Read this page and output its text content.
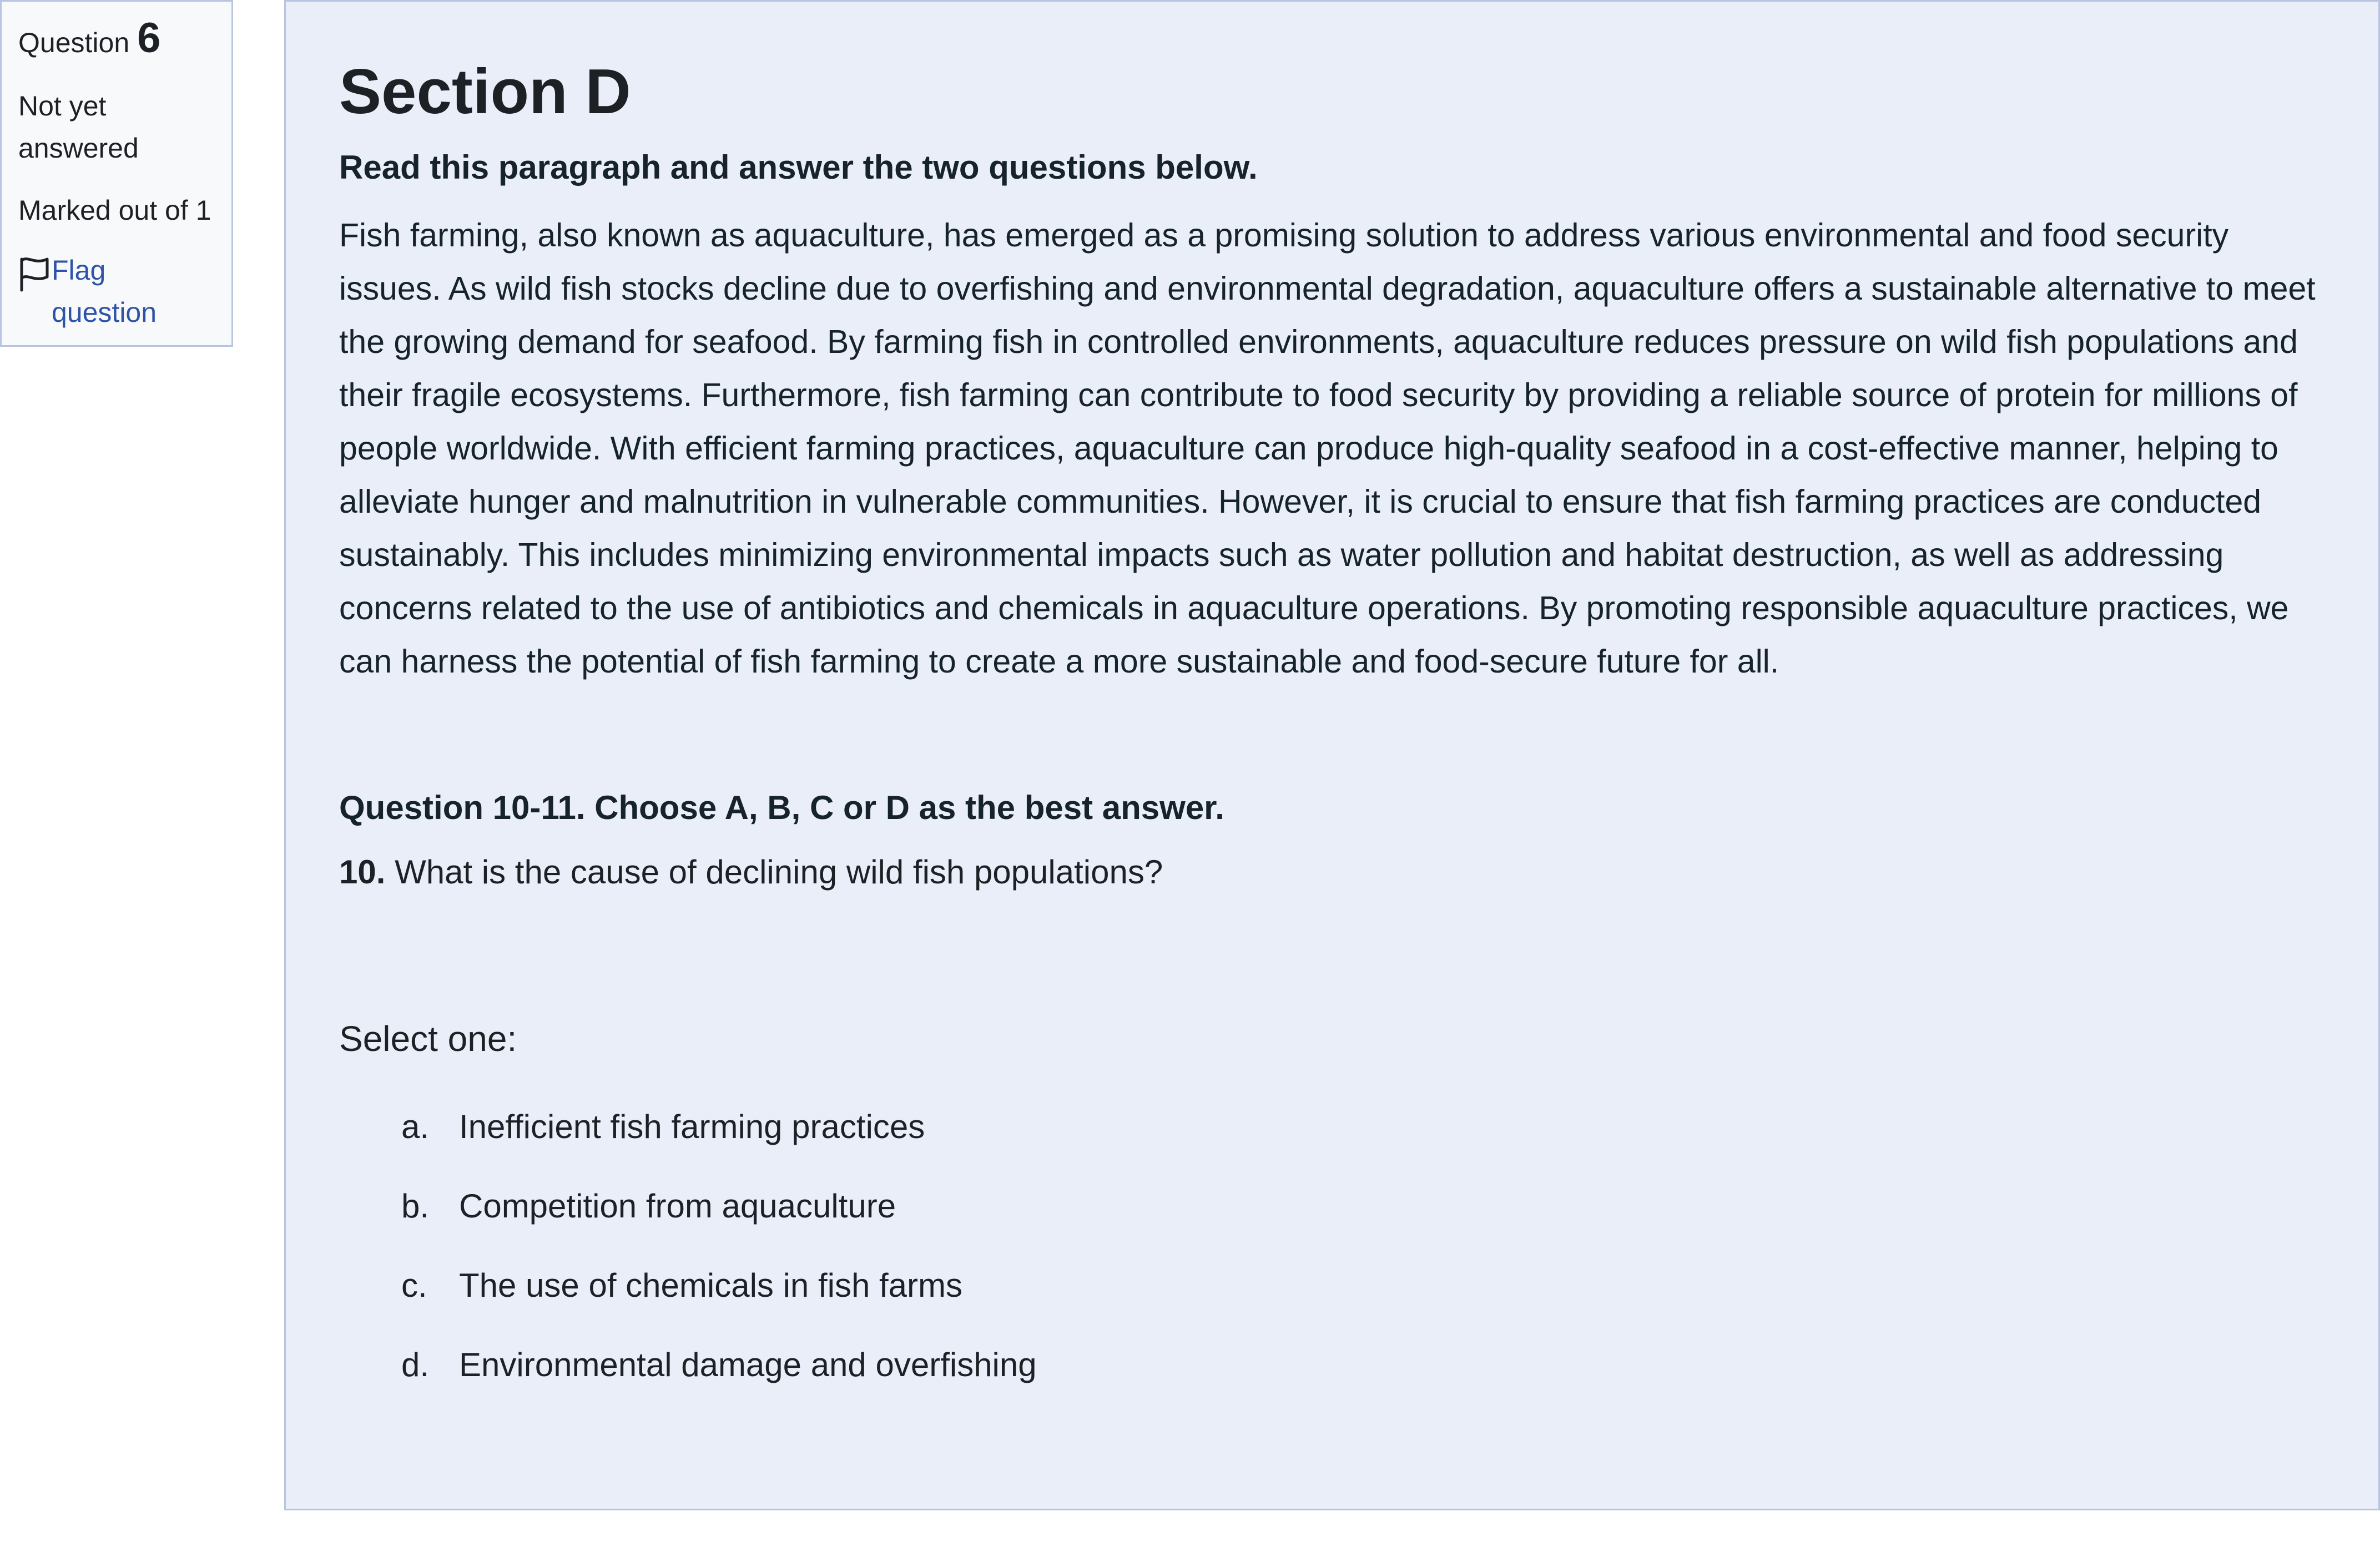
Question 6
Not yet answered
Marked out of 1
Flag question
Section D

Read this paragraph and answer the two questions below.

Fish farming, also known as aquaculture, has emerged as a promising solution to address various environmental and food security issues. As wild fish stocks decline due to overfishing and environmental degradation, aquaculture offers a sustainable alternative to meet the growing demand for seafood. By farming fish in controlled environments, aquaculture reduces pressure on wild fish populations and their fragile ecosystems. Furthermore, fish farming can contribute to food security by providing a reliable source of protein for millions of people worldwide. With efficient farming practices, aquaculture can produce high-quality seafood in a cost-effective manner, helping to alleviate hunger and malnutrition in vulnerable communities. However, it is crucial to ensure that fish farming practices are conducted sustainably. This includes minimizing environmental impacts such as water pollution and habitat destruction, as well as addressing concerns related to the use of antibiotics and chemicals in aquaculture operations. By promoting responsible aquaculture practices, we can harness the potential of fish farming to create a more sustainable and food-secure future for all.

Question 10-11. Choose A, B, C or D as the best answer.

10. What is the cause of declining wild fish populations?

Select one:

a. Inefficient fish farming practices
b. Competition from aquaculture
c. The use of chemicals in fish farms
d. Environmental damage and overfishing
